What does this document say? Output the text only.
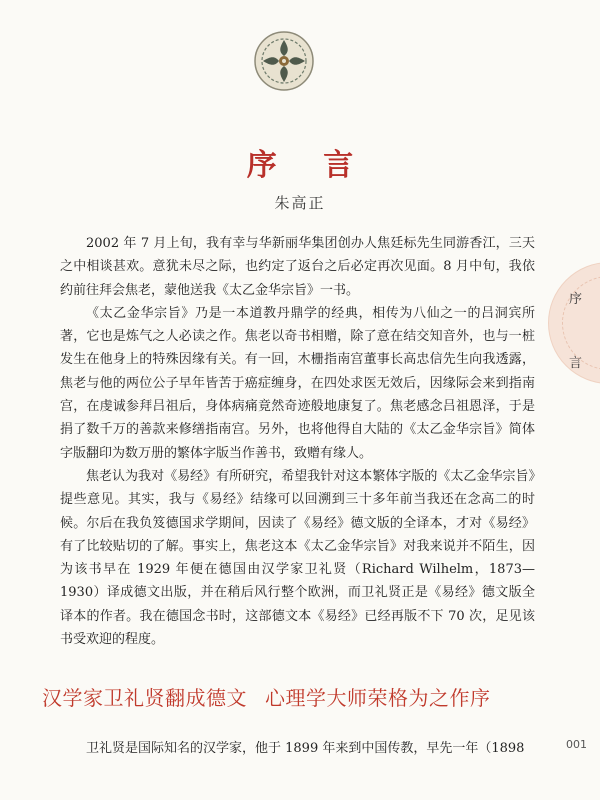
序 言
朱高正

2002 年 7 月上旬，我有幸与华新丽华集团创办人焦廷标先生同游香江，三天之中相谈甚欢。意犹未尽之际，也约定了返台之后必定再次见面。8 月中旬，我依约前往拜会焦老，蒙他送我《太乙金华宗旨》一书。

《太乙金华宗旨》乃是一本道教丹鼎学的经典，相传为八仙之一的吕洞宾所著，它也是炼气之人必读之作。焦老以奇书相赠，除了意在结交知音外，也与一桩发生在他身上的特殊因缘有关。有一回，木栅指南宫董事长高忠信先生向我透露，焦老与他的两位公子早年皆苦于癌症缠身，在四处求医无效后，因缘际会来到指南宫，在虔诚参拜吕祖后，身体病痛竟然奇迹般地康复了。焦老感念吕祖恩泽，于是捐了数千万的善款来修缮指南宫。另外，也将他得自大陆的《太乙金华宗旨》简体字版翻印为数万册的繁体字版当作善书，致赠有缘人。

焦老认为我对《易经》有所研究，希望我针对这本繁体字版的《太乙金华宗旨》提些意见。其实，我与《易经》结缘可以回溯到三十多年前当我还在念高二的时候。尔后在我负笈德国求学期间，因读了《易经》德文版的全译本，才对《易经》有了比较贴切的了解。事实上，焦老这本《太乙金华宗旨》对我来说并不陌生，因为该书早在 1929 年便在德国由汉学家卫礼贤（Richard Wilhelm，1873—1930）译成德文出版，并在稍后风行整个欧洲，而卫礼贤正是《易经》德文版全译本的作者。我在德国念书时，这部德文本《易经》已经再版不下 70 次，足见该书受欢迎的程度。

汉学家卫礼贤翻成德文 心理学大师荣格为之作序
卫礼贤是国际知名的汉学家，他于 1899 年来到中国传教，早先一年（1898
序
言
001
